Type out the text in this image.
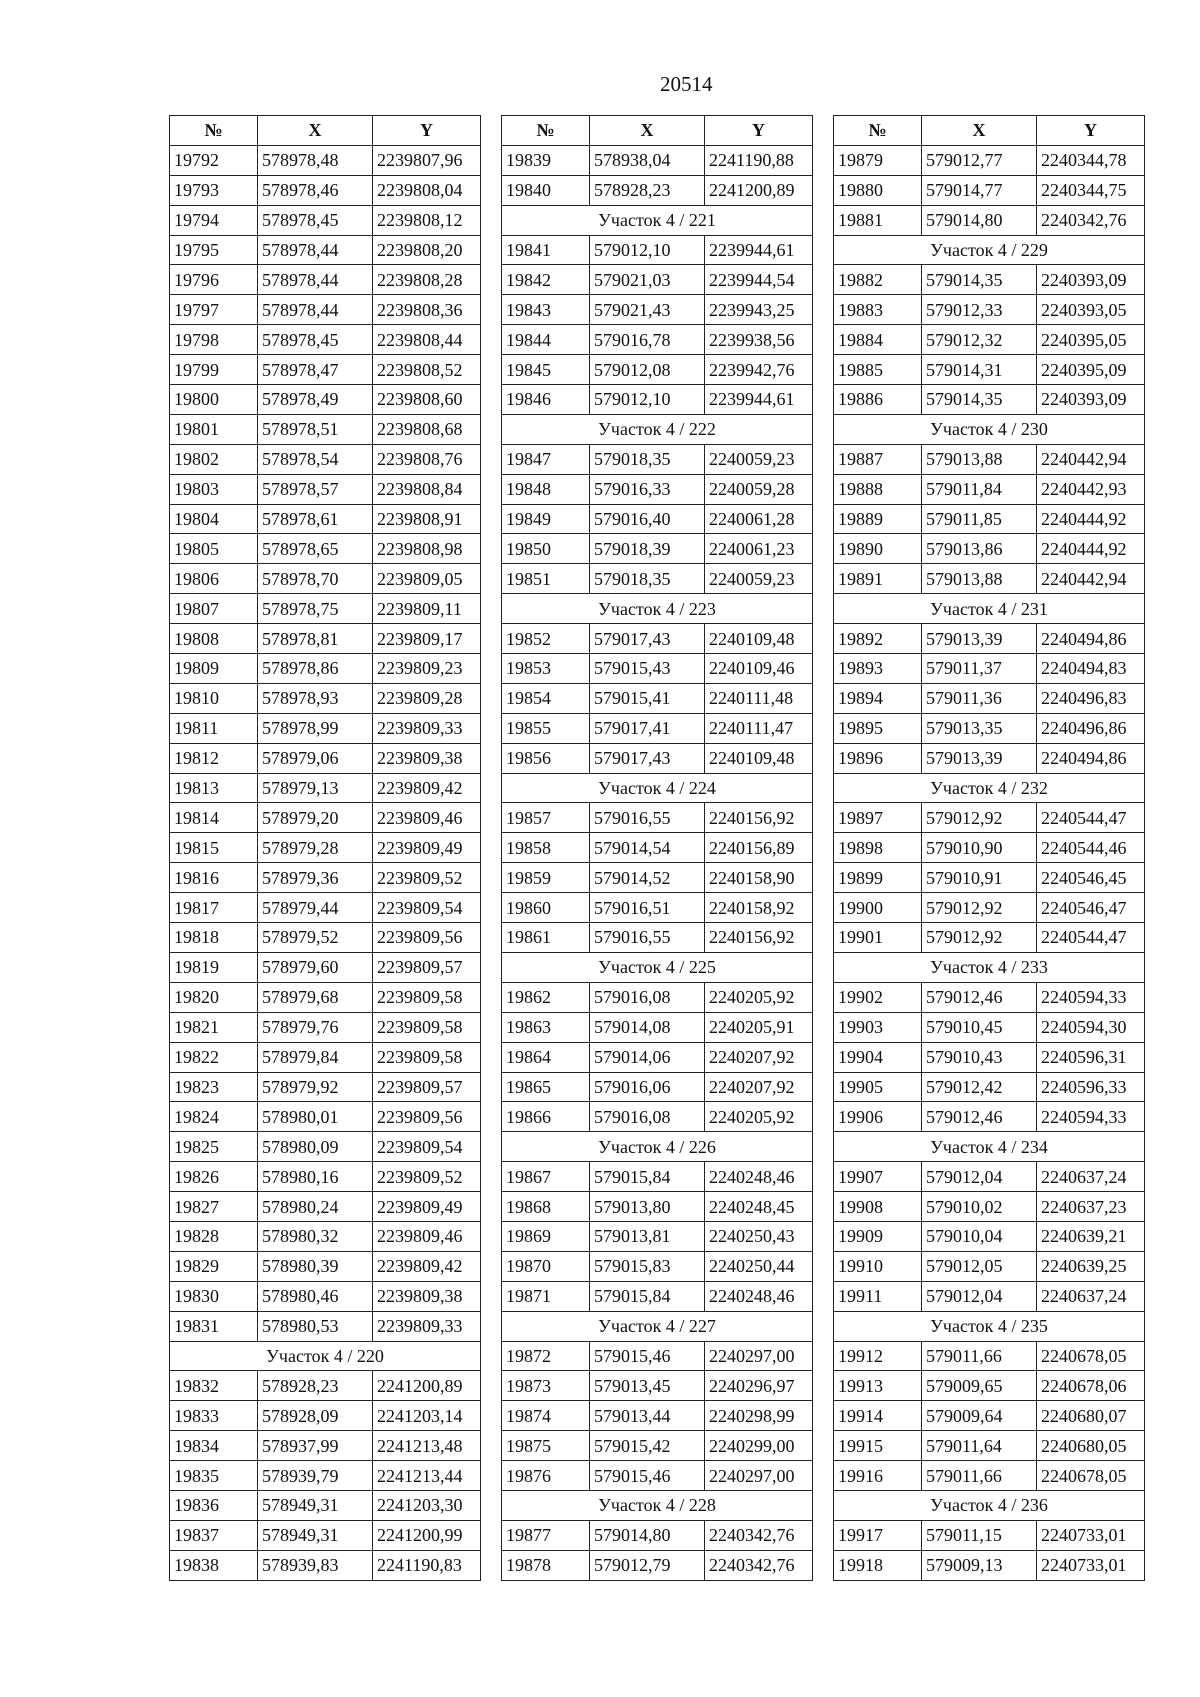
20514
№	X	Y
19792	578978,48	2239807,96
19793	578978,46	2239808,04
19794	578978,45	2239808,12
19795	578978,44	2239808,20
19796	578978,44	2239808,28
19797	578978,44	2239808,36
19798	578978,45	2239808,44
19799	578978,47	2239808,52
19800	578978,49	2239808,60
19801	578978,51	2239808,68
19802	578978,54	2239808,76
19803	578978,57	2239808,84
19804	578978,61	2239808,91
19805	578978,65	2239808,98
19806	578978,70	2239809,05
19807	578978,75	2239809,11
19808	578978,81	2239809,17
19809	578978,86	2239809,23
19810	578978,93	2239809,28
19811	578978,99	2239809,33
19812	578979,06	2239809,38
19813	578979,13	2239809,42
19814	578979,20	2239809,46
19815	578979,28	2239809,49
19816	578979,36	2239809,52
19817	578979,44	2239809,54
19818	578979,52	2239809,56
19819	578979,60	2239809,57
19820	578979,68	2239809,58
19821	578979,76	2239809,58
19822	578979,84	2239809,58
19823	578979,92	2239809,57
19824	578980,01	2239809,56
19825	578980,09	2239809,54
19826	578980,16	2239809,52
19827	578980,24	2239809,49
19828	578980,32	2239809,46
19829	578980,39	2239809,42
19830	578980,46	2239809,38
19831	578980,53	2239809,33
Участок 4 / 220		
19832	578928,23	2241200,89
19833	578928,09	2241203,14
19834	578937,99	2241213,48
19835	578939,79	2241213,44
19836	578949,31	2241203,30
19837	578949,31	2241200,99
19838	578939,83	2241190,83
№	X	Y
19839	578938,04	2241190,88
19840	578928,23	2241200,89
Участок 4 / 221		
19841	579012,10	2239944,61
19842	579021,03	2239944,54
19843	579021,43	2239943,25
19844	579016,78	2239938,56
19845	579012,08	2239942,76
19846	579012,10	2239944,61
Участок 4 / 222		
19847	579018,35	2240059,23
19848	579016,33	2240059,28
19849	579016,40	2240061,28
19850	579018,39	2240061,23
19851	579018,35	2240059,23
Участок 4 / 223		
19852	579017,43	2240109,48
19853	579015,43	2240109,46
19854	579015,41	2240111,48
19855	579017,41	2240111,47
19856	579017,43	2240109,48
Участок 4 / 224		
19857	579016,55	2240156,92
19858	579014,54	2240156,89
19859	579014,52	2240158,90
19860	579016,51	2240158,92
19861	579016,55	2240156,92
Участок 4 / 225		
19862	579016,08	2240205,92
19863	579014,08	2240205,91
19864	579014,06	2240207,92
19865	579016,06	2240207,92
19866	579016,08	2240205,92
Участок 4 / 226		
19867	579015,84	2240248,46
19868	579013,80	2240248,45
19869	579013,81	2240250,43
19870	579015,83	2240250,44
19871	579015,84	2240248,46
Участок 4 / 227		
19872	579015,46	2240297,00
19873	579013,45	2240296,97
19874	579013,44	2240298,99
19875	579015,42	2240299,00
19876	579015,46	2240297,00
Участок 4 / 228		
19877	579014,80	2240342,76
19878	579012,79	2240342,76
№	X	Y
19879	579012,77	2240344,78
19880	579014,77	2240344,75
19881	579014,80	2240342,76
Участок 4 / 229		
19882	579014,35	2240393,09
19883	579012,33	2240393,05
19884	579012,32	2240395,05
19885	579014,31	2240395,09
19886	579014,35	2240393,09
Участок 4 / 230		
19887	579013,88	2240442,94
19888	579011,84	2240442,93
19889	579011,85	2240444,92
19890	579013,86	2240444,92
19891	579013,88	2240442,94
Участок 4 / 231		
19892	579013,39	2240494,86
19893	579011,37	2240494,83
19894	579011,36	2240496,83
19895	579013,35	2240496,86
19896	579013,39	2240494,86
Участок 4 / 232		
19897	579012,92	2240544,47
19898	579010,90	2240544,46
19899	579010,91	2240546,45
19900	579012,92	2240546,47
19901	579012,92	2240544,47
Участок 4 / 233		
19902	579012,46	2240594,33
19903	579010,45	2240594,30
19904	579010,43	2240596,31
19905	579012,42	2240596,33
19906	579012,46	2240594,33
Участок 4 / 234		
19907	579012,04	2240637,24
19908	579010,02	2240637,23
19909	579010,04	2240639,21
19910	579012,05	2240639,25
19911	579012,04	2240637,24
Участок 4 / 235		
19912	579011,66	2240678,05
19913	579009,65	2240678,06
19914	579009,64	2240680,07
19915	579011,64	2240680,05
19916	579011,66	2240678,05
Участок 4 / 236		
19917	579011,15	2240733,01
19918	579009,13	2240733,01
